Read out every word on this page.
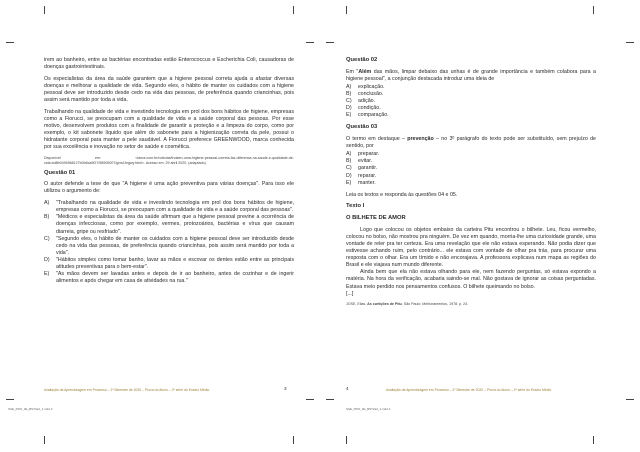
irem ao banheiro, entre as bactérias encontradas estão Enterococcus e Escherichia Coli, causadoras de doenças gastrointestinais.

Os especialistas da área da saúde garantem que a higiene pessoal correta ajuda a afastar diversas doenças e melhorar a qualidade de vida. Segundo eles, o hábito de manter os cuidados com a higiene pessoal deve ser introduzido desde cedo na vida das pessoas, de preferência quando criancinhas, pois assim será mantido por toda a vida.

Trabalhando na qualidade de vida e investindo tecnologia em prol dos bons hábitos de higiene, empresas como a Fiorucci, se preocupam com a qualidade de vida e a saúde corporal das pessoas. Por esse motivo, desenvolvem produtos com a finalidade de garantir a proteção e a limpeza do corpo, como por exemplo, o kit sabonete líquido que além do sabonete para a higienização correta da pele, possui o hidratante corporal para manter a pele saudável. A Fiorucci preferece GREENWOOD, marca conhecida por sua excelência e inovação no setor de saúde e cosmética.

Disponível em: <lanra.com.br/noticias/frosten-uma-higiene-pessoal-correta-faz-diferenca-na-saude-e-qualidade-de-vida.bd8b0494968127b0b5ca9f27/58905007/gnw1fngwy.html>. Acesso em: 29 abril 2020. (adaptado).

Questão 01

O autor defende a tese de que "A higiene é uma ação preventiva para várias doenças". Para isso ele utilizou o argumento de:

A)	"Trabalhando na qualidade de vida e investindo tecnologia em prol dos bons hábitos de higiene, empresas como a Fiorucci, se preocupam com a qualidade de vida e a saúde corporal das pessoas".
B)	"Médicos e especialistas da área da saúde afirmam que a higiene pessoal previne a ocorrência de doenças infecciosas, como por exemplo, vermes, protozoários, bactérias e vírus que causam diarreia, gripe ou resfriado".
C)	"Segundo eles, o hábito de manter os cuidados com a higiene pessoal deve ser introduzido desde cedo na vida das pessoas, de preferência quando criancinhas, pois assim será mantido por toda a vida".
D)	"Hábitos simples como tomar banho, lavar as mãos e escovar os dentes estão entre as principais atitudes preventivas para o bem-estar".
E)	"As mãos devem ser lavadas antes e depois de ir ao banheiro, antes de cozinhar e de ingerir alimentos e após chegar em casa de atividades na rua."
Avaliação da Aprendizagem em Processo – 2º Bimestre de 2020 – Prova do Aluno – 2ª série do Ensino Médio	3
SSE_PRO_2E_BST2a2_1.indd 3
Questão 02

Em "Além das mãos, limpar debaixo das unhas é de grande importância e também colabora para a higiene pessoal", a conjunção destacada introduz uma ideia de

A)	explicação.
B)	conclusão.
C)	adição.
D)	condição.
E)	comparação.
Questão 03

O termo em destaque – prevenção – no 3º parágrafo do texto pode ser substituído, sem prejuízo de sentido, por

A)	preparar.
B)	evitar.
C)	garantir.
D)	reparar.
E)	manter.

Leia os textos e responda às questões 04 e 05.

Texto I
O BILHETE DE AMOR

Logo que colocou os objetos embaixo da carteira Pitu encontrou o bilhete. Leu, ficou vermelho, colocou no bolso, não mostrou pra ninguém. De vez em quando, morria-lhe uma curiosidade grande, uma vontade de reler pra ter certeza. Era uma revelação que ele não estava esperando. Não podia dizer que estivesse achando ruim, pelo contrário... ele estava com vontade de olhar pra trás, para procurar uma resposta com o olhar. Era um tímido e não encorajava. A professora explicava num mapa as regiões do Brasil e ele viajava num mundo diferente.

Ainda bem que ela não estava olhando para ele, nem fazendo perguntas, só estava expondo a matéria. Na hora da verificação, acabaria saindo-se mal. Não gostava de ignorar as coisas perguntadas. Estava meio perdido nos pensamentos confusos. O bilhete queimando no bolso.

[...]

JOSE, Elias. As curtições de Pitu. São Paulo: Melhoramentos, 1978. p. 24.

4	Avaliação da Aprendizagem em Processo – 2º Bimestre de 2020 – Prova do Aluno – 2ª série do Ensino Médio
SSE_PRO_2E_BST2a2_1.indd 4
